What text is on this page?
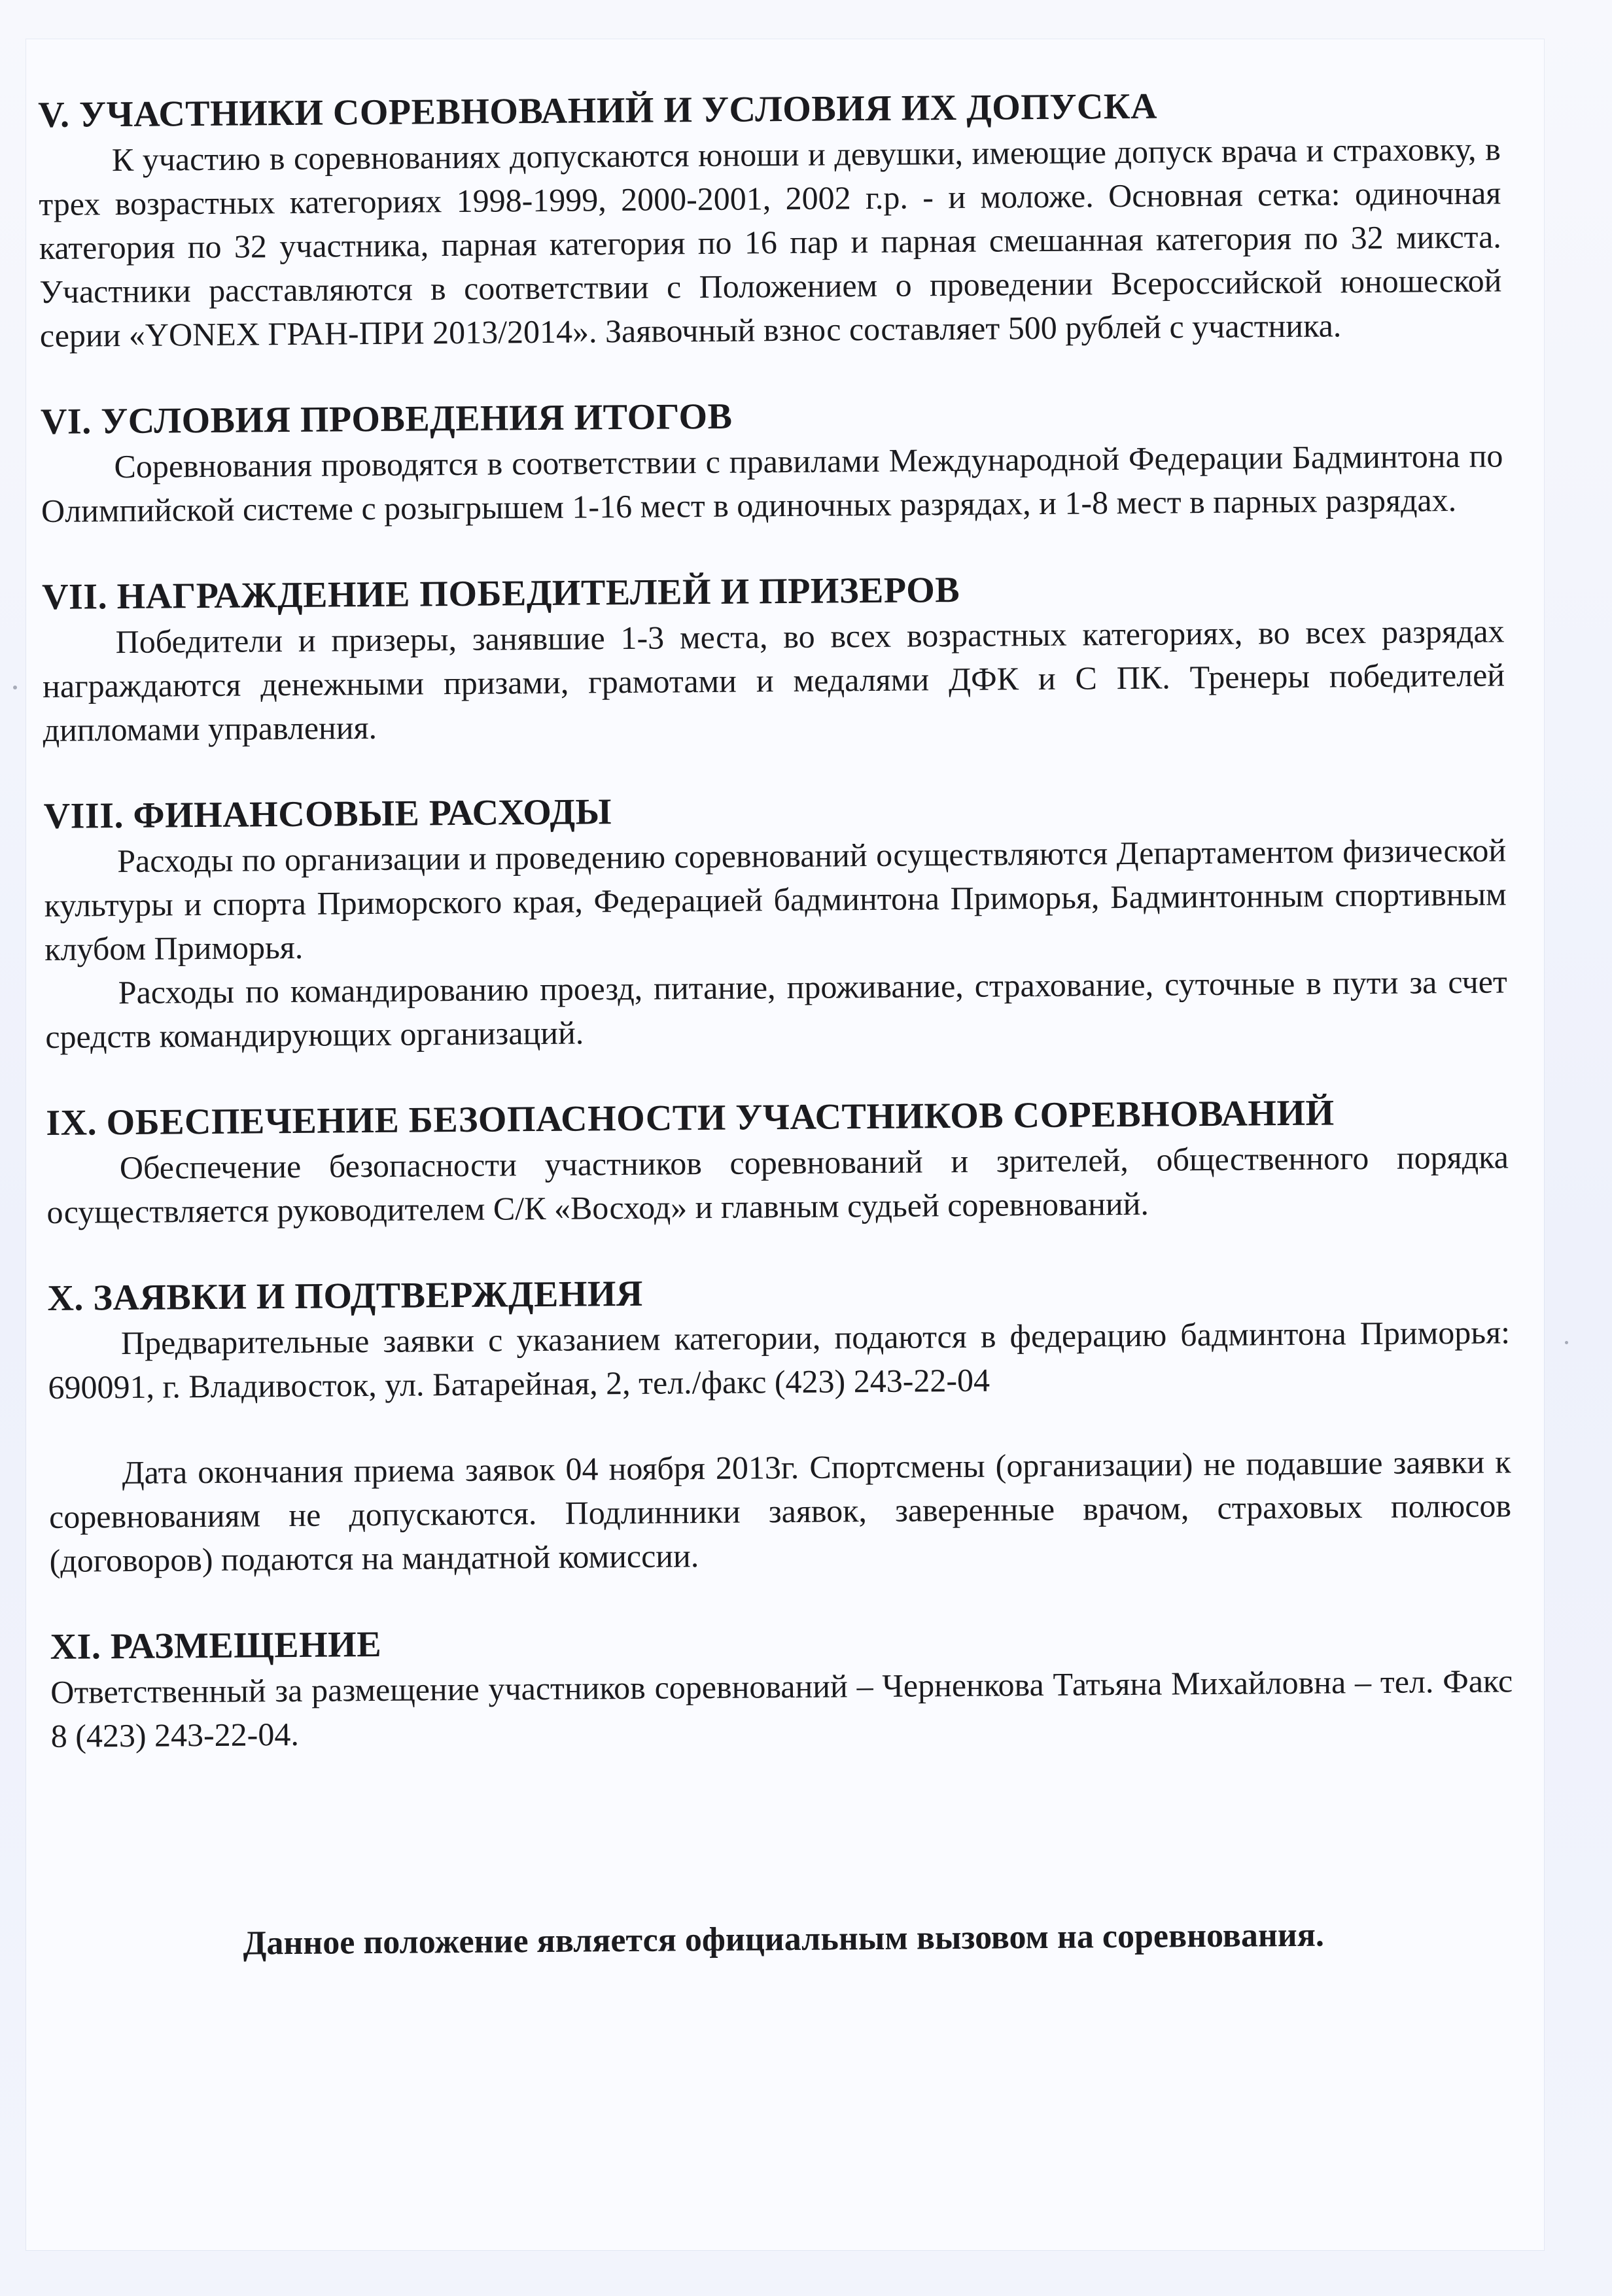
V. УЧАСТНИКИ СОРЕВНОВАНИЙ И УСЛОВИЯ ИХ ДОПУСКА

К участию в соревнованиях допускаются юноши и девушки, имеющие допуск врача и страховку, в трех возрастных категориях 1998-1999, 2000-2001, 2002 г.р. - и моложе. Основная сетка: одиночная категория по 32 участника, парная категория по 16 пар и парная смешанная категория по 32 микста. Участники расставляются в соответствии с Положением о проведении Всероссийской юношеской серии «YONEX ГРАН-ПРИ 2013/2014». Заявочный взнос составляет 500 рублей с участника.

VI. УСЛОВИЯ ПРОВЕДЕНИЯ ИТОГОВ

Соревнования проводятся в соответствии с правилами Международной Федерации Бадминтона по Олимпийской системе с розыгрышем 1-16 мест в одиночных разрядах, и 1-8 мест в парных разрядах.

VII. НАГРАЖДЕНИЕ ПОБЕДИТЕЛЕЙ И ПРИЗЕРОВ

Победители и призеры, занявшие 1-3 места, во всех возрастных категориях, во всех разрядах награждаются денежными призами, грамотами и медалями ДФК и С ПК. Тренеры победителей дипломами управления.

VIII. ФИНАНСОВЫЕ РАСХОДЫ

Расходы по организации и проведению соревнований осуществляются Департаментом физической культуры и спорта Приморского края, Федерацией бадминтона Приморья, Бадминтонным спортивным клубом Приморья.

Расходы по командированию проезд, питание, проживание, страхование, суточные в пути за счет средств командирующих организаций.

IX. ОБЕСПЕЧЕНИЕ БЕЗОПАСНОСТИ УЧАСТНИКОВ СОРЕВНОВАНИЙ

Обеспечение безопасности участников соревнований и зрителей, общественного порядка осуществляется руководителем С/К «Восход» и главным судьей соревнований.

X. ЗАЯВКИ И ПОДТВЕРЖДЕНИЯ

Предварительные заявки с указанием категории, подаются в федерацию бадминтона Приморья: 690091, г. Владивосток, ул. Батарейная, 2, тел./факс (423) 243-22-04

Дата окончания приема заявок 04 ноября 2013г. Спортсмены (организации) не подавшие заявки к соревнованиям не допускаются. Подлинники заявок, заверенные врачом, страховых полюсов (договоров) подаются на мандатной комиссии.

XI. РАЗМЕЩЕНИЕ

Ответственный за размещение участников соревнований – Черненкова Татьяна Михайловна – тел. Факс 8 (423) 243-22-04.

Данное положение является официальным вызовом на соревнования.
